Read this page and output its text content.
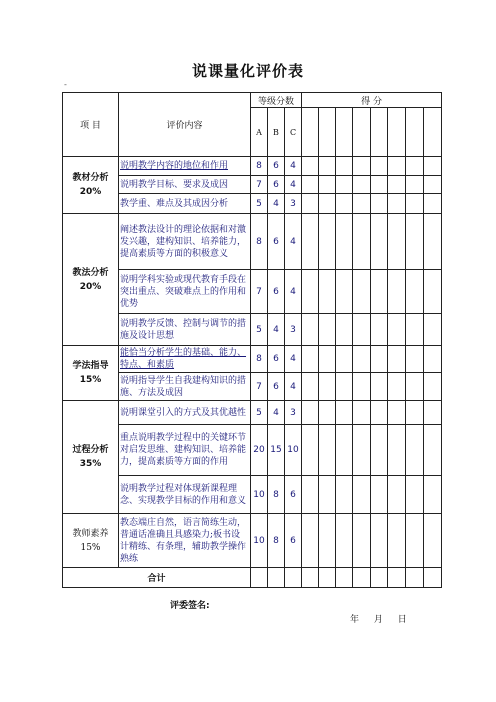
说课量化评价表
-
项 目	评价内容	等级分数			得 分							
		A	B	C								

教材分析
20%	说明教学内容的地位和作用	8	6	4								
	说明教学目标、要求及成因	7	6	4								
	教学重、难点及其成因分析	5	4	3								

教法分析
20%	阐述教法设计的理论依据和对激发兴趣，建构知识、培养能力，提高素质等方面的积极意义	8	6	4								
	说明学科实验或现代教育手段在突出重点、突破难点上的作用和优势	7	6	4								
	说明教学反馈、控制与调节的措施及设计思想	5	4	3								

学法指导
15%	能恰当分析学生的基础、能力、特点、和素质	8	6	4								
	说明指导学生自我建构知识的措施、方法及成因	7	6	4								

过程分析
35%	说明课堂引入的方式及其优越性	5	4	3								
	重点说明教学过程中的关键环节对启发思维、建构知识、培养能力，提高素质等方面的作用	20	15	10								
	说明教学过程对体现新课程理念、实现教学目标的作用和意义	10	8	6								

教师素养
15%	教态端庄自然，语言简练生动，普通话准确且具感染力;板书设计精练、有条理，辅助教学操作熟练	10	8	6								
合计												
评委签名:
年 月 日
